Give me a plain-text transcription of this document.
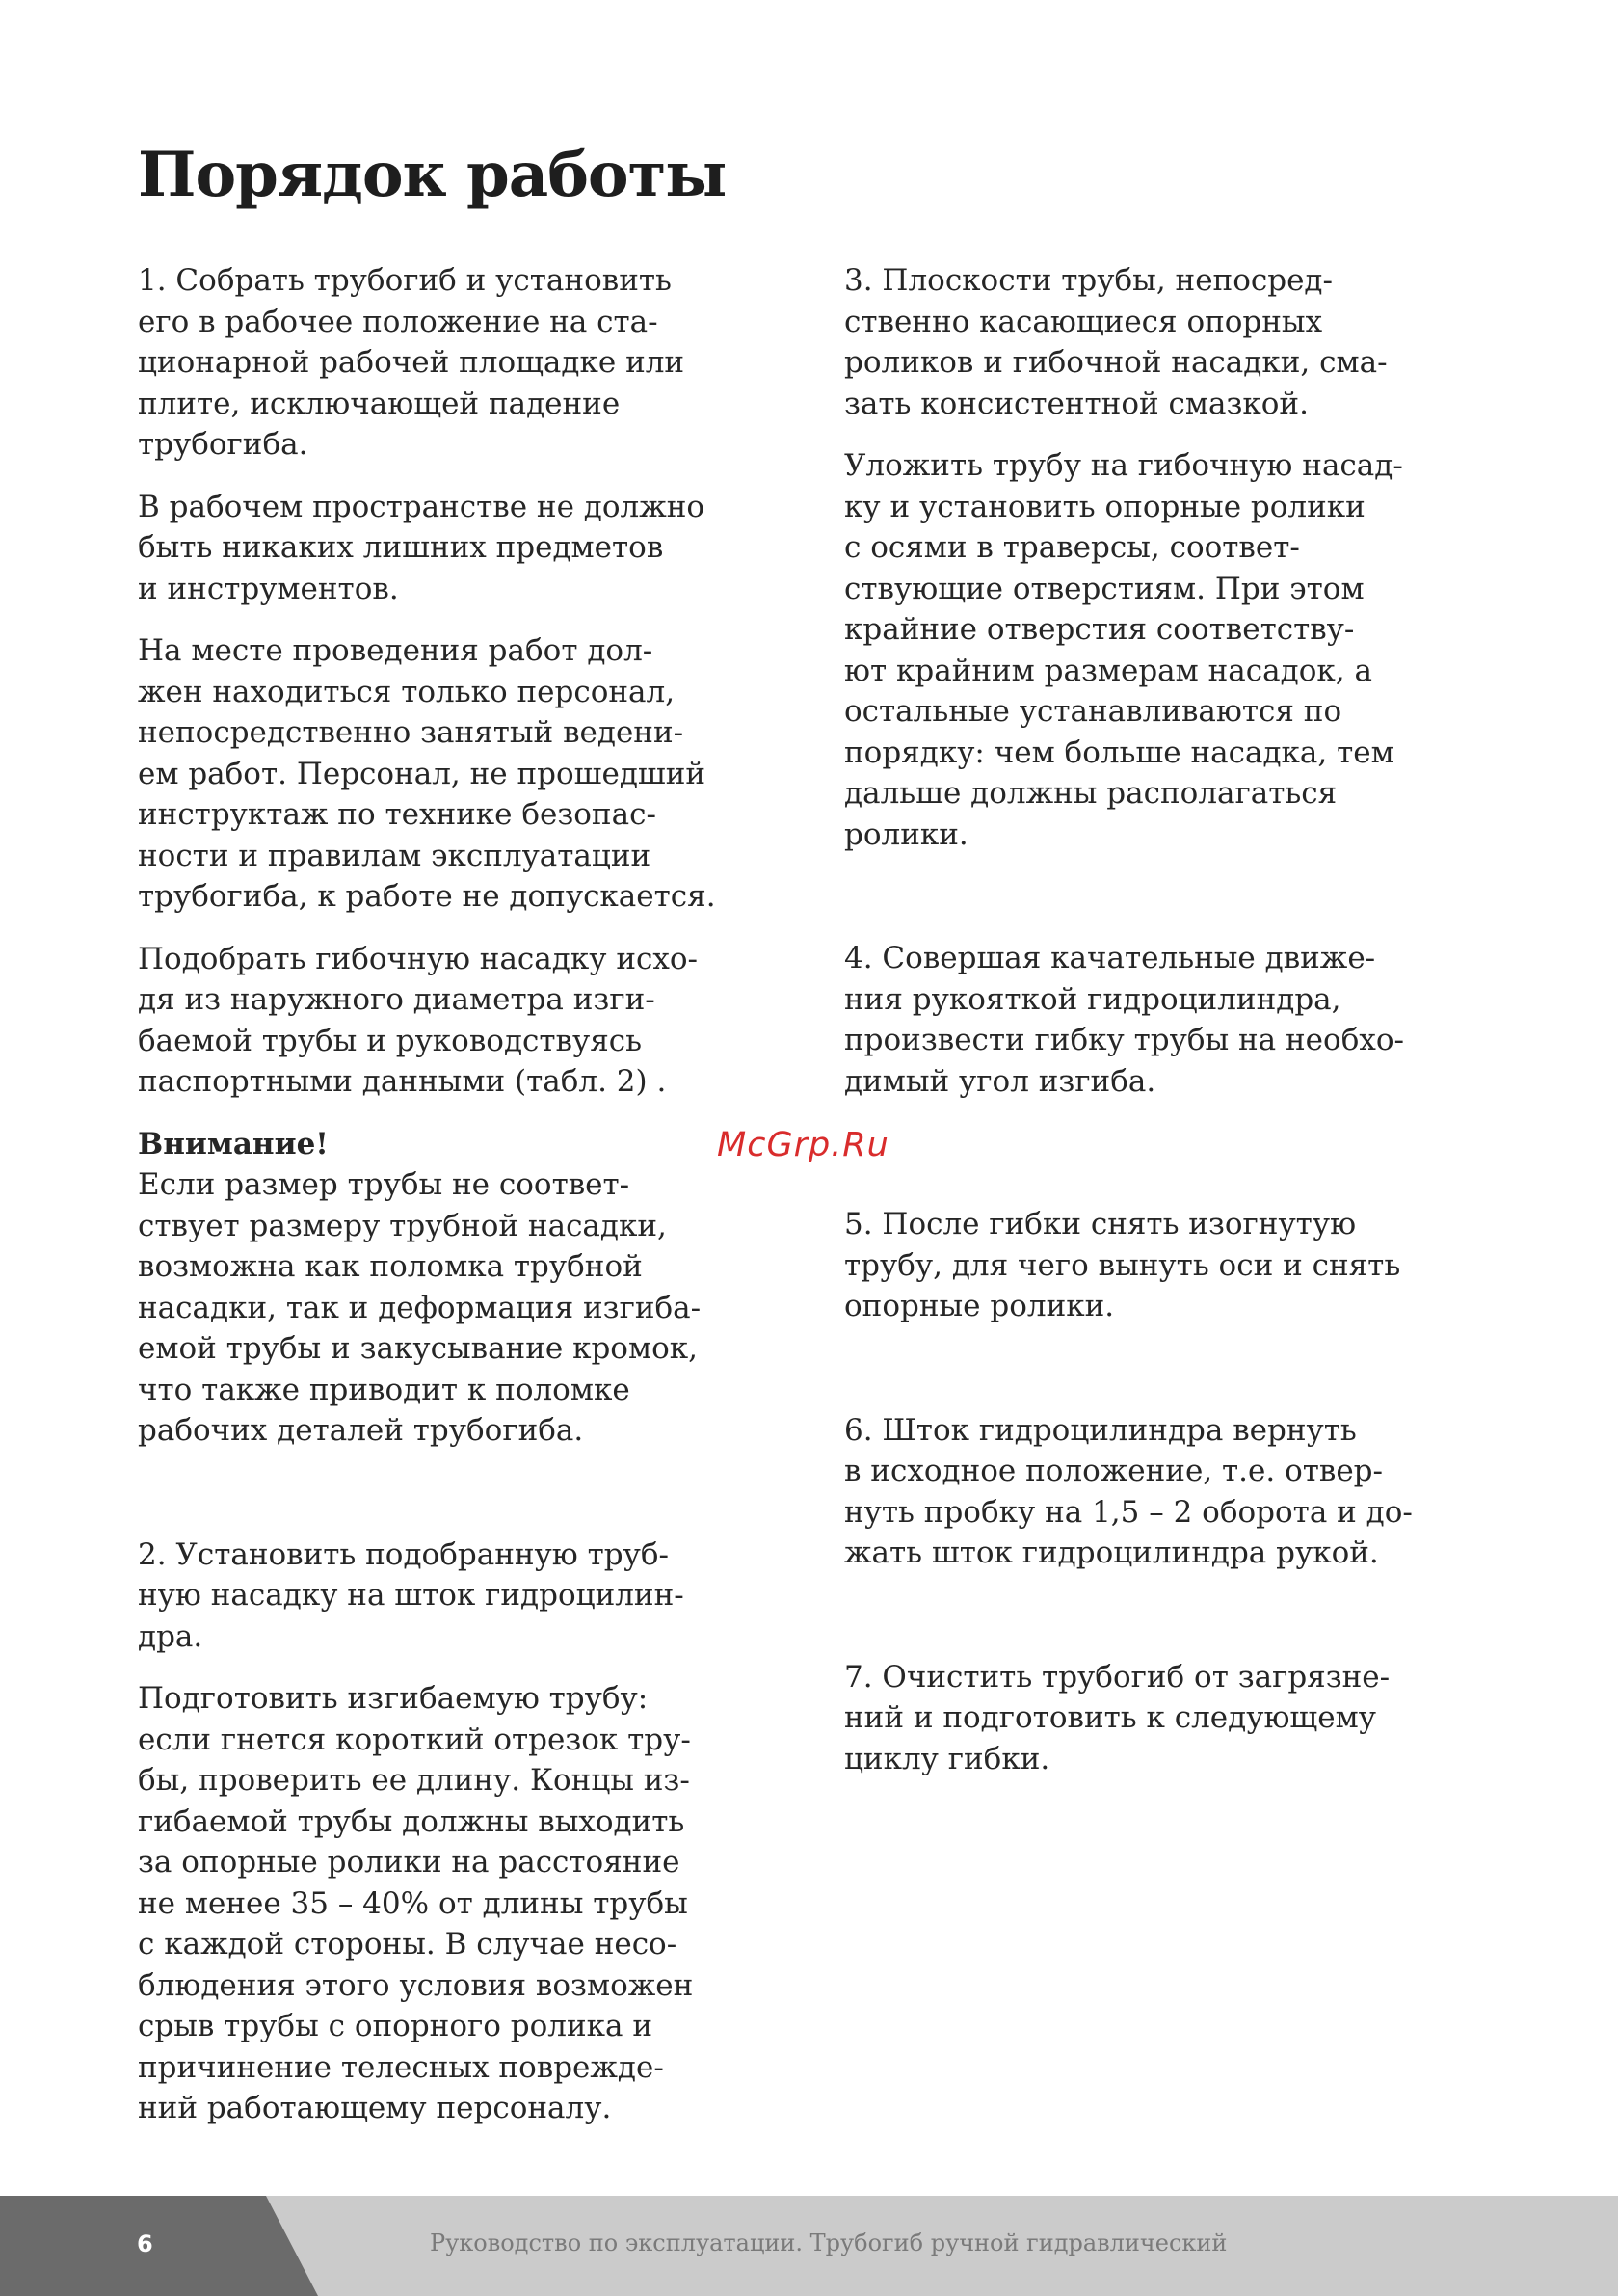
Порядок работы

1. Собрать трубогиб и установить
его в рабочее положение на ста-
ционарной рабочей площадке или
плите, исключающей падение
трубогиба.

В рабочем пространстве не должно
быть никаких лишних предметов
и инструментов.

На месте проведения работ дол-
жен находиться только персонал,
непосредственно занятый ведени-
ем работ. Персонал, не прошедший
инструктаж по технике безопас-
ности и правилам эксплуатации
трубогиба, к работе не допускается.

Подобрать гибочную насадку исхо-
дя из наружного диаметра изги-
баемой трубы и руководствуясь
паспортными данными (табл. 2) .

Внимание!

Если размер трубы не соответ-
ствует размеру трубной насадки,
возможна как поломка трубной
насадки, так и деформация изгиба-
емой трубы и закусывание кромок,
что также приводит к поломке
рабочих деталей трубогиба.

2. Установить подобранную труб-
ную насадку на шток гидроцилин-
дра.

Подготовить изгибаемую трубу:
если гнется короткий отрезок тру-
бы, проверить ее длину. Концы из-
гибаемой трубы должны выходить
за опорные ролики на расстояние
не менее 35 – 40% от длины трубы
с каждой стороны. В случае несо-
блюдения этого условия возможен
срыв трубы с опорного ролика и
причинение телесных поврежде-
ний работающему персоналу.

3. Плоскости трубы, непосред-
ственно касающиеся опорных
роликов и гибочной насадки, сма-
зать консистентной смазкой.

Уложить трубу на гибочную насад-
ку и установить опорные ролики
с осями в траверсы, соответ-
ствующие отверстиям. При этом
крайние отверстия соответству-
ют крайним размерам насадок, а
остальные устанавливаются по
порядку: чем больше насадка, тем
дальше должны располагаться
ролики.

4. Совершая качательные движе-
ния рукояткой гидроцилиндра,
произвести гибку трубы на необхо-
димый угол изгиба.

5. После гибки снять изогнутую
трубу, для чего вынуть оси и снять
опорные ролики.

6. Шток гидроцилиндра вернуть
в исходное положение, т.е. отвер-
нуть пробку на 1,5 – 2 оборота и до-
жать шток гидроцилиндра рукой.

7. Очистить трубогиб от загрязне-
ний и подготовить к следующему
циклу гибки.

McGrp.Ru
6	Руководство по эксплуатации. Трубогиб ручной гидравлический
